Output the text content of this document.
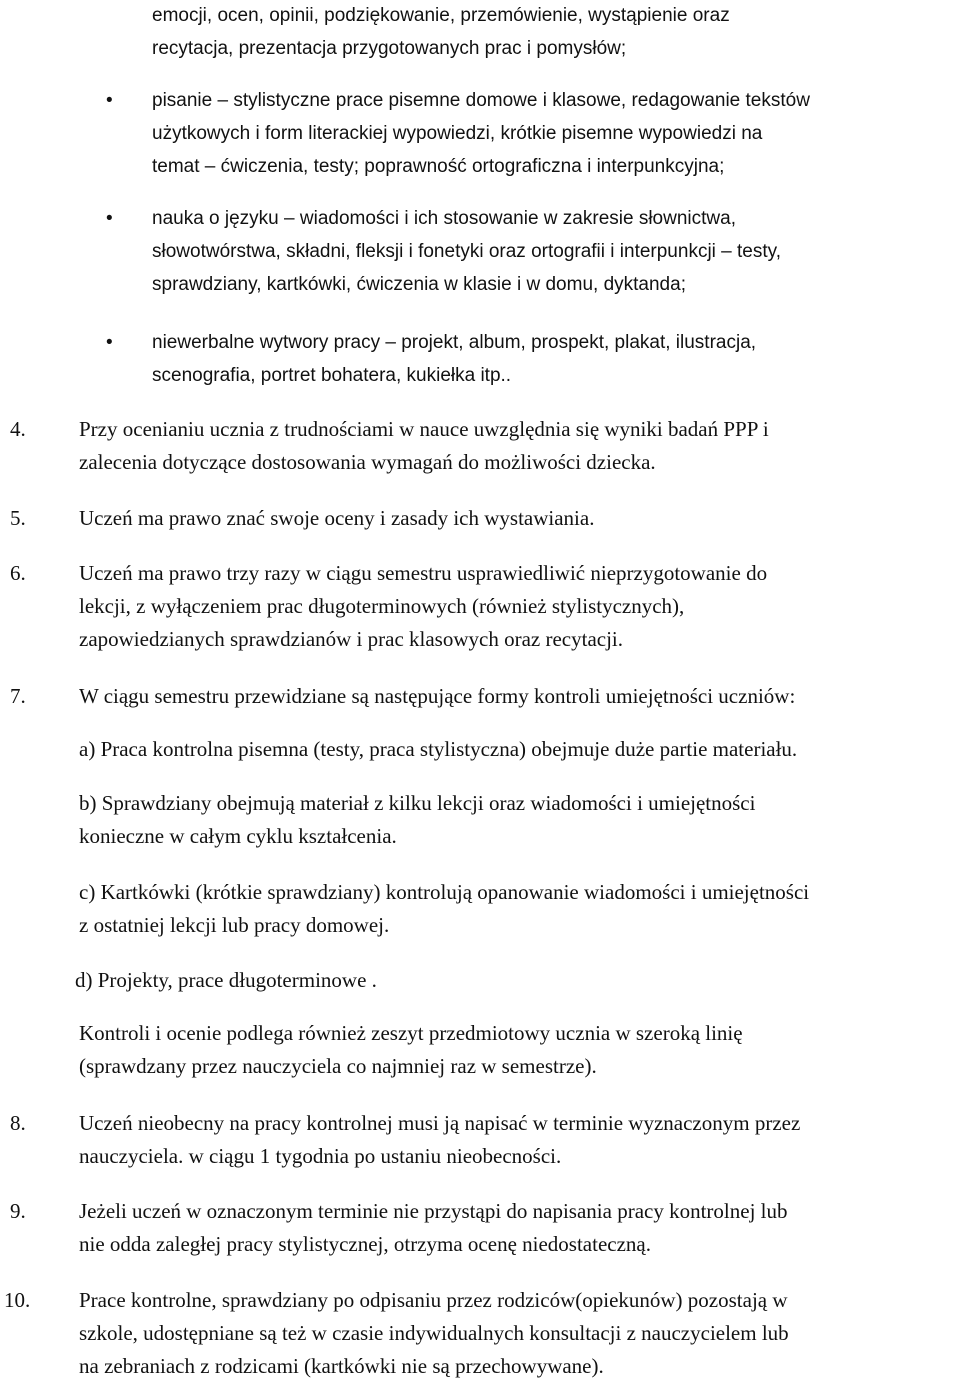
emocji, ocen, opinii, podziękowanie, przemówienie, wystąpienie oraz
recytacja, prezentacja przygotowanych prac i pomysłów;
• pisanie – stylistyczne prace pisemne domowe i klasowe, redagowanie tekstów
użytkowych i form literackiej wypowiedzi, krótkie pisemne wypowiedzi na
temat – ćwiczenia, testy; poprawność ortograficzna i interpunkcyjna;
• nauka o języku – wiadomości i ich stosowanie w zakresie słownictwa,
słowotwórstwa, składni, fleksji i fonetyki oraz ortografii i interpunkcji – testy,
sprawdziany, kartkówki, ćwiczenia w klasie i w domu, dyktanda;
• niewerbalne wytwory pracy – projekt, album, prospekt, plakat, ilustracja,
scenografia, portret bohatera, kukiełka itp..
4.	Przy ocenianiu ucznia z trudnościami w nauce uwzględnia się wyniki badań PPP i
zalecenia dotyczące dostosowania wymagań do możliwości dziecka.
5.	Uczeń ma prawo znać swoje oceny i zasady ich wystawiania.
6.	Uczeń ma prawo trzy razy w ciągu semestru usprawiedliwić nieprzygotowanie do
lekcji, z wyłączeniem prac długoterminowych (również stylistycznych),
zapowiedzianych sprawdzianów i prac klasowych oraz recytacji.
7.	W ciągu semestru przewidziane są następujące formy kontroli umiejętności uczniów:
a) Praca kontrolna pisemna (testy, praca stylistyczna) obejmuje duże partie materiału.
b) Sprawdziany obejmują materiał z kilku lekcji oraz wiadomości i umiejętności
konieczne w całym cyklu kształcenia.
c) Kartkówki (krótkie sprawdziany) kontrolują opanowanie wiadomości i umiejętności
z ostatniej lekcji lub pracy domowej.
d) Projekty, prace długoterminowe .
Kontroli i ocenie podlega również zeszyt przedmiotowy ucznia w szeroką linię
(sprawdzany przez nauczyciela co najmniej raz w semestrze).
8.	Uczeń nieobecny na pracy kontrolnej musi ją napisać w terminie wyznaczonym przez
nauczyciela. w ciągu 1 tygodnia po ustaniu nieobecności.
9.	Jeżeli uczeń w oznaczonym terminie nie przystąpi do napisania pracy kontrolnej lub
nie odda zaległej pracy stylistycznej, otrzyma ocenę niedostateczną.
10. Prace kontrolne, sprawdziany po odpisaniu przez rodziców(opiekunów) pozostają w
szkole, udostępniane są też w czasie indywidualnych konsultacji z nauczycielem lub
na zebraniach z rodzicami (kartkówki nie są przechowywane).
